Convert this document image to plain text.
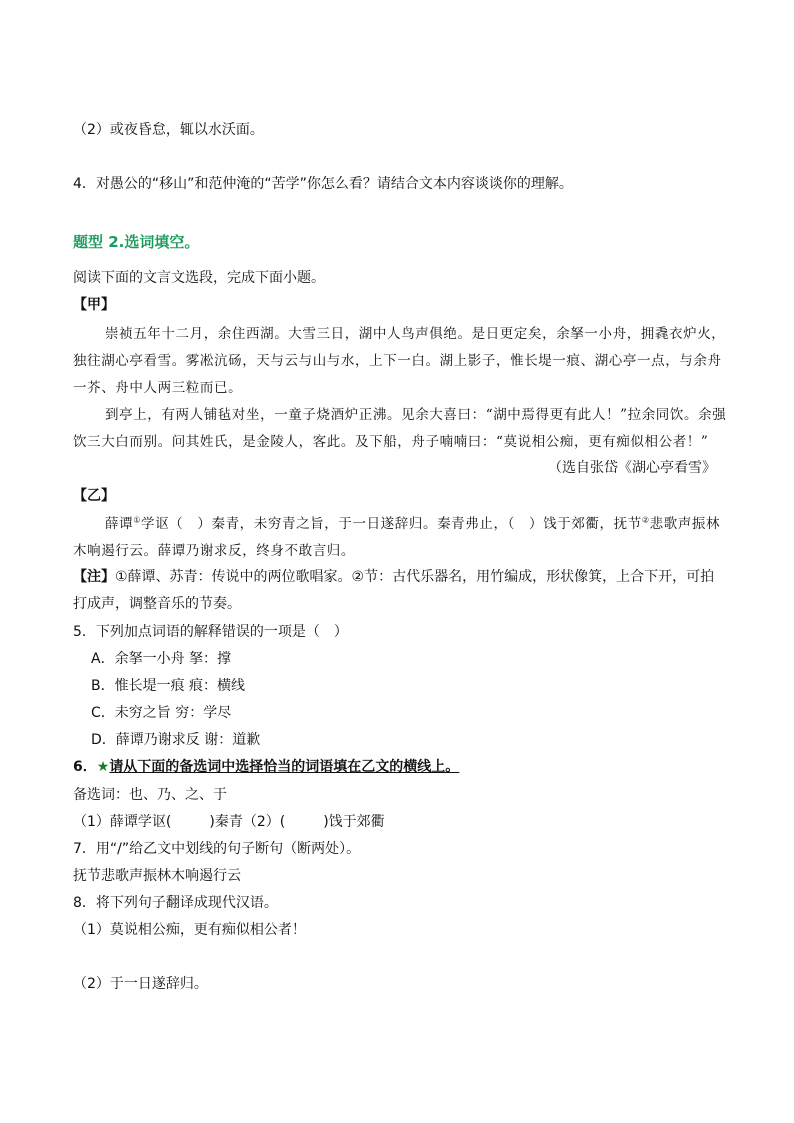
（2）或夜昏怠，辄以水沃面。
4．对愚公的“移山”和范仲淹的“苦学”你怎么看？请结合文本内容谈谈你的理解。
题型 2.选词填空。
阅读下面的文言文选段，完成下面小题。
【甲】
崇祯五年十二月，余住西湖。大雪三日，湖中人鸟声俱绝。是日更定矣，余拏一小舟，拥毳衣炉火，
独往湖心亭看雪。雾凇沆砀，天与云与山与水，上下一白。湖上影子，惟长堤一痕、湖心亭一点，与余舟
一芥、舟中人两三粒而已。
到亭上，有两人铺毡对坐，一童子烧酒炉正沸。见余大喜曰：“湖中焉得更有此人！”拉余同饮。余强
饮三大白而别。问其姓氏，是金陵人，客此。及下船，舟子喃喃曰：“莫说相公痴，更有痴似相公者！”
（选自张岱《湖心亭看雪》
【乙】
薛谭①学讴（　）秦青，未穷青之旨，于一日遂辞归。秦青弗止，（　）饯于郊衢，抚节②悲歌声振林
木响遏行云。薛谭乃谢求反，终身不敢言归。
【注】①薛谭、苏青：传说中的两位歌唱家。②节：古代乐器名，用竹编成，形状像箕，上合下开，可拍
打成声，调整音乐的节奏。
5．下列加点词语的解释错误的一项是（　）
A．余拏一小舟 拏：撑
B．惟长堤一痕 痕：横线
C．未穷之旨 穷：学尽
D．薛谭乃谢求反 谢：道歉
6．★请从下面的备选词中选择恰当的词语填在乙文的横线上。
备选词：也、乃、之、于
（1）薛谭学讴(	)秦青（2）(	)饯于郊衢
7．用“/”给乙文中划线的句子断句（断两处）。
抚节悲歌声振林木响遏行云
8．将下列句子翻译成现代汉语。
（1）莫说相公痴，更有痴似相公者！
（2）于一日遂辞归。
